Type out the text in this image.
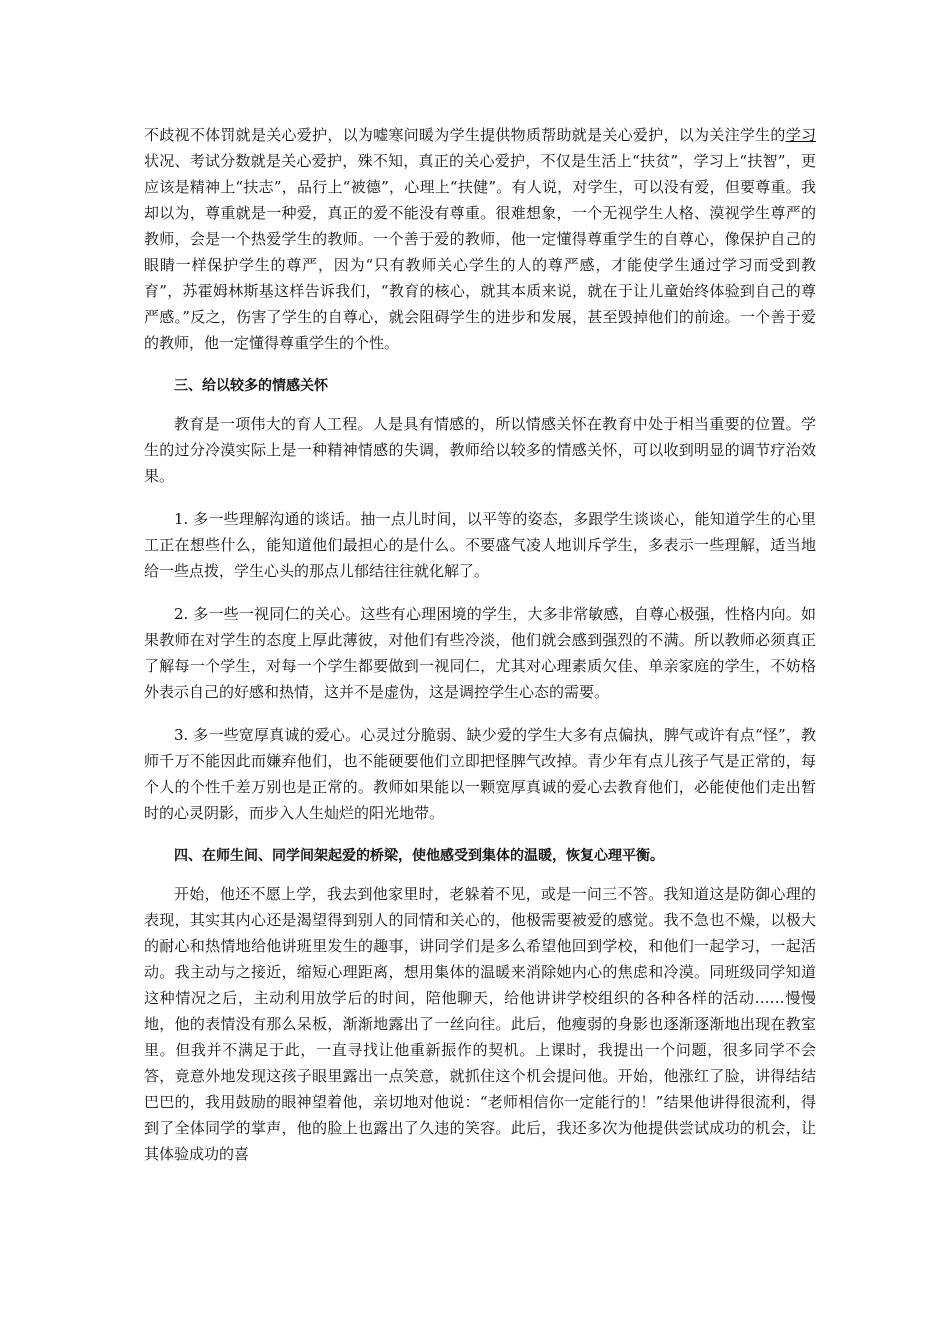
不歧视不体罚就是关心爱护，以为嘘寒问暖为学生提供物质帮助就是关心爱护，以为关注学生的学习状况、考试分数就是关心爱护，殊不知，真正的关心爱护，不仅是生活上“扶贫”，学习上“扶智”，更应该是精神上“扶志”，品行上“被德”，心理上“扶健”。有人说，对学生，可以没有爱，但要尊重。我却以为，尊重就是一种爱，真正的爱不能没有尊重。很难想象，一个无视学生人格、漠视学生尊严的教师，会是一个热爱学生的教师。一个善于爱的教师，他一定懂得尊重学生的自尊心，像保护自己的眼睛一样保护学生的尊严，因为“只有教师关心学生的人的尊严感，才能使学生通过学习而受到教育”，苏霍姆林斯基这样告诉我们，“教育的核心，就其本质来说，就在于让儿童始终体验到自己的尊严感。”反之，伤害了学生的自尊心，就会阻碍学生的进步和发展，甚至毁掉他们的前途。一个善于爱的教师，他一定懂得尊重学生的个性。

三、给以较多的情感关怀

教育是一项伟大的育人工程。人是具有情感的，所以情感关怀在教育中处于相当重要的位置。学生的过分冷漠实际上是一种精神情感的失调，教师给以较多的情感关怀，可以收到明显的调节疗治效果。

1. 多一些理解沟通的谈话。抽一点儿时间，以平等的姿态，多跟学生谈谈心，能知道学生的心里工正在想些什么，能知道他们最担心的是什么。不要盛气凌人地训斥学生，多表示一些理解，适当地给一些点拨，学生心头的那点儿郁结往往就化解了。

2. 多一些一视同仁的关心。这些有心理困境的学生，大多非常敏感，自尊心极强，性格内向。如果教师在对学生的态度上厚此薄彼，对他们有些冷淡，他们就会感到强烈的不满。所以教师必须真正了解每一个学生，对每一个学生都要做到一视同仁，尤其对心理素质欠佳、单亲家庭的学生，不妨格外表示自己的好感和热情，这并不是虚伪，这是调控学生心态的需要。

3. 多一些宽厚真诚的爱心。心灵过分脆弱、缺少爱的学生大多有点偏执，脾气或许有点“怪”，教师千万不能因此而嫌弃他们，也不能硬要他们立即把怪脾气改掉。青少年有点儿孩子气是正常的，每个人的个性千差万别也是正常的。教师如果能以一颗宽厚真诚的爱心去教育他们，必能使他们走出暂时的心灵阴影，而步入人生灿烂的阳光地带。

四、在师生间、同学间架起爱的桥梁，使他感受到集体的温暖，恢复心理平衡。

开始，他还不愿上学，我去到他家里时，老躲着不见，或是一问三不答。我知道这是防御心理的表现，其实其内心还是渴望得到别人的同情和关心的，他极需要被爱的感觉。我不急也不燥，以极大的耐心和热情地给他讲班里发生的趣事，讲同学们是多么希望他回到学校，和他们一起学习，一起活动。我主动与之接近，缩短心理距离，想用集体的温暖来消除她内心的焦虑和冷漠。同班级同学知道这种情况之后，主动利用放学后的时间，陪他聊天，给他讲讲学校组织的各种各样的活动……慢慢地，他的表情没有那么呆板，渐渐地露出了一丝向往。此后，他瘦弱的身影也逐渐逐渐地出现在教室里。但我并不满足于此，一直寻找让他重新振作的契机。上课时，我提出一个问题，很多同学不会答，竟意外地发现这孩子眼里露出一点笑意，就抓住这个机会提问他。开始，他涨红了脸，讲得结结巴巴的，我用鼓励的眼神望着他，亲切地对他说：“老师相信你一定能行的！”结果他讲得很流利，得到了全体同学的掌声，他的脸上也露出了久违的笑容。此后，我还多次为他提供尝试成功的机会，让其体验成功的喜
